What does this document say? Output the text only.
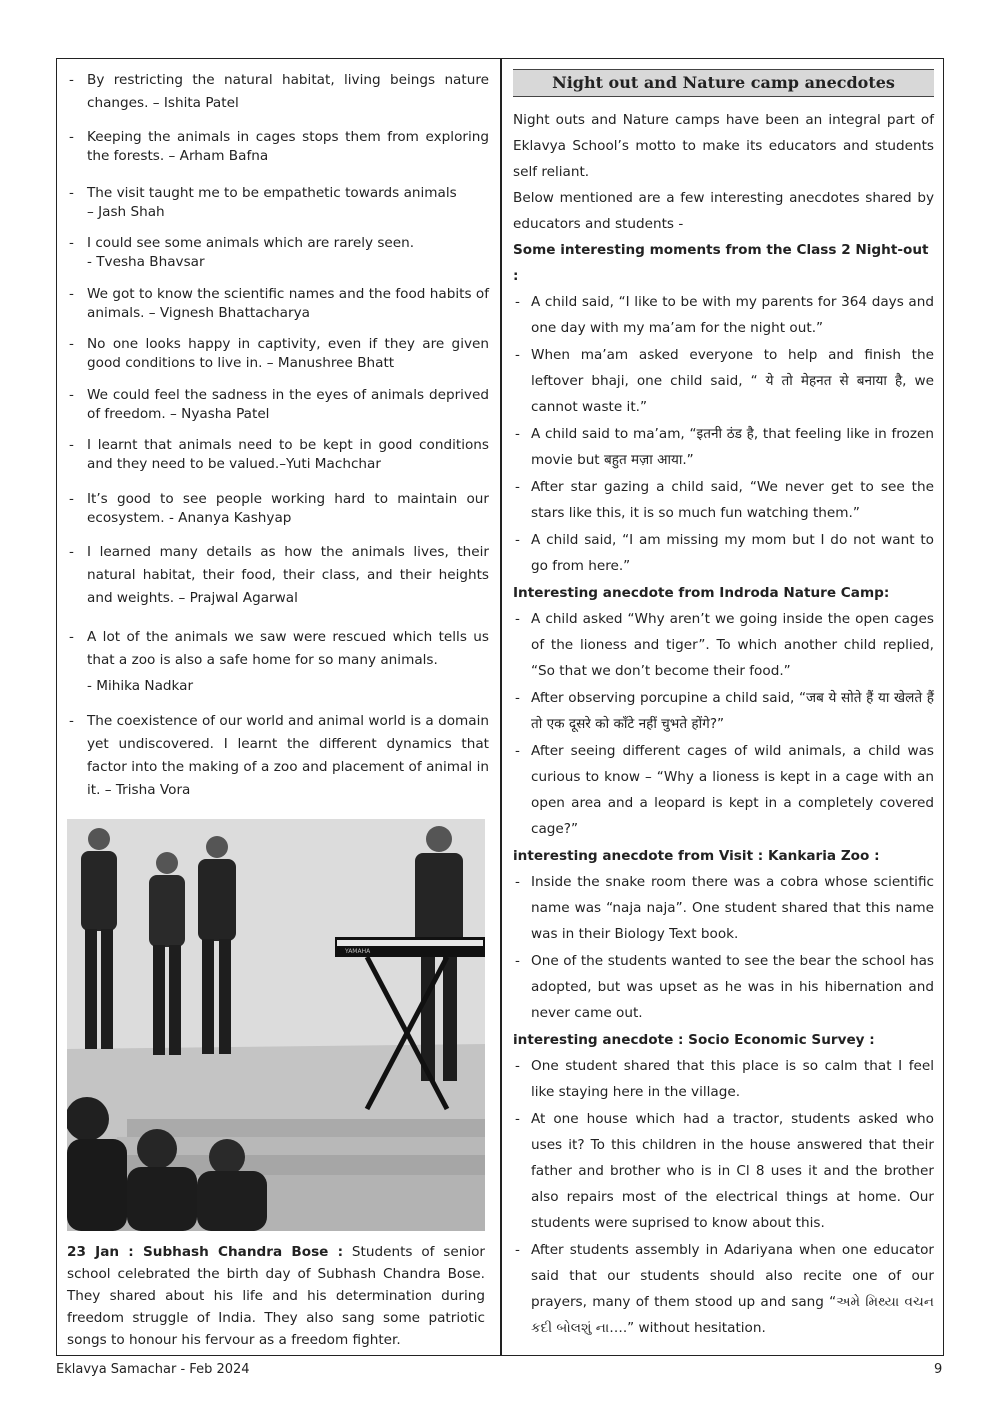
- By restricting the natural habitat, living beings nature changes. – Ishita Patel
- Keeping the animals in cages stops them from exploring the forests. – Arham Bafna
- The visit taught me to be empathetic towards animals
– Jash Shah
- I could see some animals which are rarely seen.
- Tvesha Bhavsar
- We got to know the scientific names and the food habits of animals. – Vignesh Bhattacharya
- No one looks happy in captivity, even if they are given good conditions to live in. – Manushree Bhatt
- We could feel the sadness in the eyes of animals deprived of freedom. – Nyasha Patel
- I learnt that animals need to be kept in good conditions and they need to be valued.–Yuti Machchar
- It’s good to see people working hard to maintain our ecosystem. - Ananya Kashyap
- I learned many details as how the animals lives, their natural habitat, their food, their class, and their heights and weights. – Prajwal Agarwal
- A lot of the animals we saw were rescued which tells us that a zoo is also a safe home for so many animals.
- Mihika Nadkar
- The coexistence of our world and animal world is a domain yet undiscovered. I learnt the different dynamics that factor into the making of a zoo and placement of animal in it. – Trisha Vora
YAMAHA
23 Jan : Subhash Chandra Bose : Students of senior school celebrated the birth day of Subhash Chandra Bose. They shared about his life and his determination during freedom struggle of India. They also sang some patriotic songs to honour his fervour as a freedom fighter.
Night out and Nature camp anecdotes
Night outs and Nature camps have been an integral part of Eklavya School’s motto to make its educators and students self reliant.
Below mentioned are a few interesting anecdotes shared by educators and students -
Some interesting moments from the Class 2 Night-out :
- A child said, “I like to be with my parents for 364 days and one day with my ma’am for the night out.”
- When ma’am asked everyone to help and finish the leftover bhaji, one child said, “ ये तो मेहनत से बनाया है, we cannot waste it.”
- A child said to ma’am, “इतनी ठंड है, that feeling like in frozen movie but बहुत मज़ा आया.”
- After star gazing a child said, “We never get to see the stars like this, it is so much fun watching them.”
- A child said, “I am missing my mom but I do not want to go from here.”
Interesting anecdote from Indroda Nature Camp:
- A child asked “Why aren’t we going inside the open cages of the lioness and tiger”. To which another child replied, “So that we don’t become their food.”
- After observing porcupine a child said, “जब ये सोते हैं या खेलते हैं तो एक दूसरे को काँटे नहीं चुभते होंगे?”
- After seeing different cages of wild animals, a child was curious to know – “Why a lioness is kept in a cage with an open area and a leopard is kept in a completely covered cage?”
interesting anecdote from Visit : Kankaria Zoo :
- Inside the snake room there was a cobra whose scientific name was “naja naja”. One student shared that this name was in their Biology Text book.
- One of the students wanted to see the bear the school has adopted, but was upset as he was in his hibernation and never came out.
interesting anecdote : Socio Economic Survey :
- One student shared that this place is so calm that I feel like staying here in the village.
- At one house which had a tractor, students asked who uses it? To this children in the house answered that their father and brother who is in Cl 8 uses it and the brother also repairs most of the electrical things at home. Our students were suprised to know about this.
- After students assembly in Adariyana when one educator said that our students should also recite one of our prayers, many of them stood up and sang “અમે મિથ્યા વચન કદી બોલશું ના….” without hesitation.
Eklavya Samachar - Feb 2024	9
